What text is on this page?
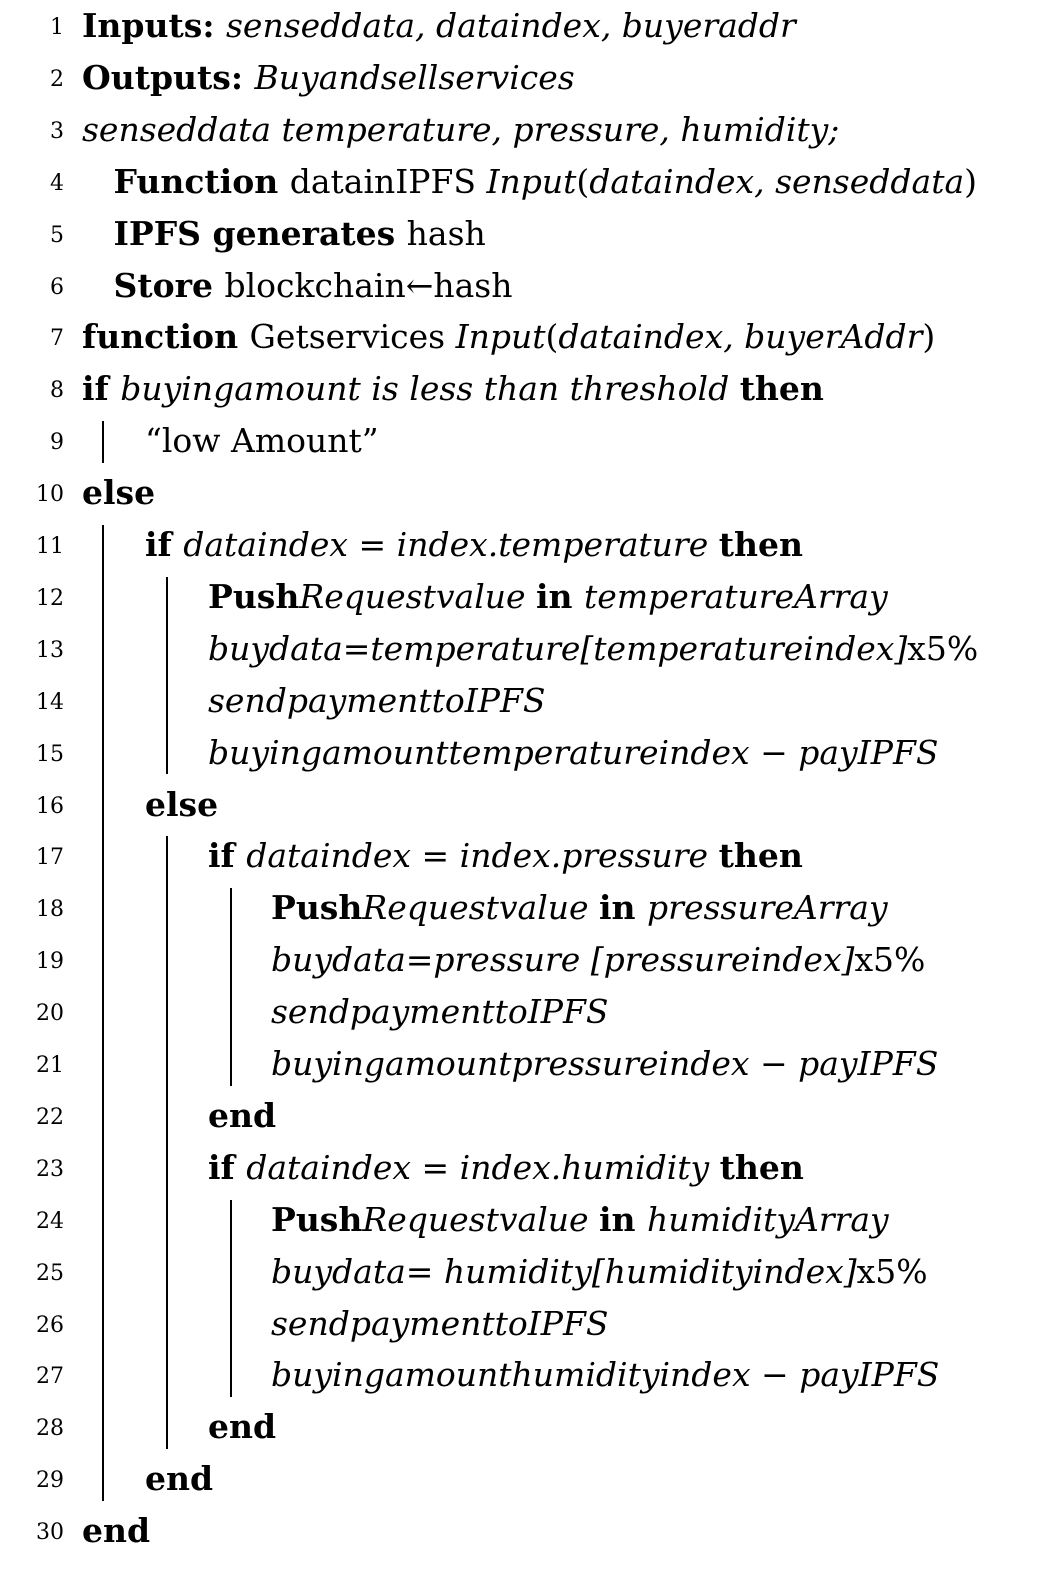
1 Inputs: senseddata, dataindex, buyeraddr
2 Outputs: Buyandsellservices
3 senseddata temperature, pressure, humidity;
4 Function datainIPFS Input(dataindex, senseddata)
5 IPFS generates hash
6 Store blockchain←hash
7 function Getservices Input(dataindex, buyerAddr)
8 if buyingamount is less than threshold then
9 “low Amount”
10 else
11 if dataindex = index.temperature then
12	PushRequestvalue in temperatureArray
13	buydata=temperature[temperatureindex]x5%
14	sendpaymenttoIPFS
15	buyingamounttemperatureindex − payIPFS
16 else
17	if dataindex = index.pressure then
18	PushRequestvalue in pressureArray
19	buydata=pressure [pressureindex]x5%
20	sendpaymenttoIPFS
21	buyingamountpressureindex − payIPFS
22	end
23	if dataindex = index.humidity then
24	PushRequestvalue in humidityArray
25	buydata= humidity[humidityindex]x5%
26	sendpaymenttoIPFS
27	buyingamounthumidityindex − payIPFS
28	end
29 end
30 end
